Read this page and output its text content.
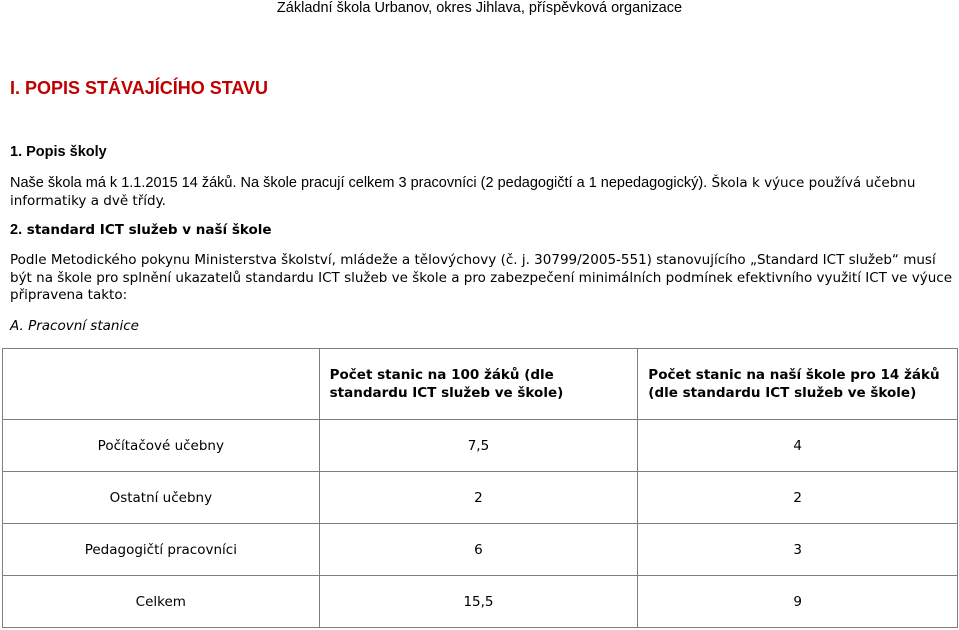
Základní škola Urbanov, okres Jihlava, příspěvková organizace
I. POPIS STÁVAJÍCÍHO STAVU
1. Popis školy
Naše škola má k 1.1.2015 14 žáků. Na škole pracují celkem 3 pracovníci (2 pedagogičtí a 1 nepedagogický). Škola k výuce používá učebnu informatiky a dvě třídy.
2. standard ICT služeb v naší škole
Podle Metodického pokynu Ministerstva školství, mládeže a tělovýchovy (č. j. 30799/2005-551) stanovujícího „Standard ICT služeb“ musí být na škole pro splnění ukazatelů standardu ICT služeb ve škole a pro zabezpečení minimálních podmínek efektivního využití ICT ve výuce připravena takto:
A. Pracovní stanice
	Počet stanic na 100 žáků (dle standardu ICT služeb ve škole)	Počet stanic na naší škole pro 14 žáků (dle standardu ICT služeb ve škole)
Počítačové učebny	7,5	4
Ostatní učebny	2	2
Pedagogičtí pracovníci	6	3
Celkem	15,5	9
